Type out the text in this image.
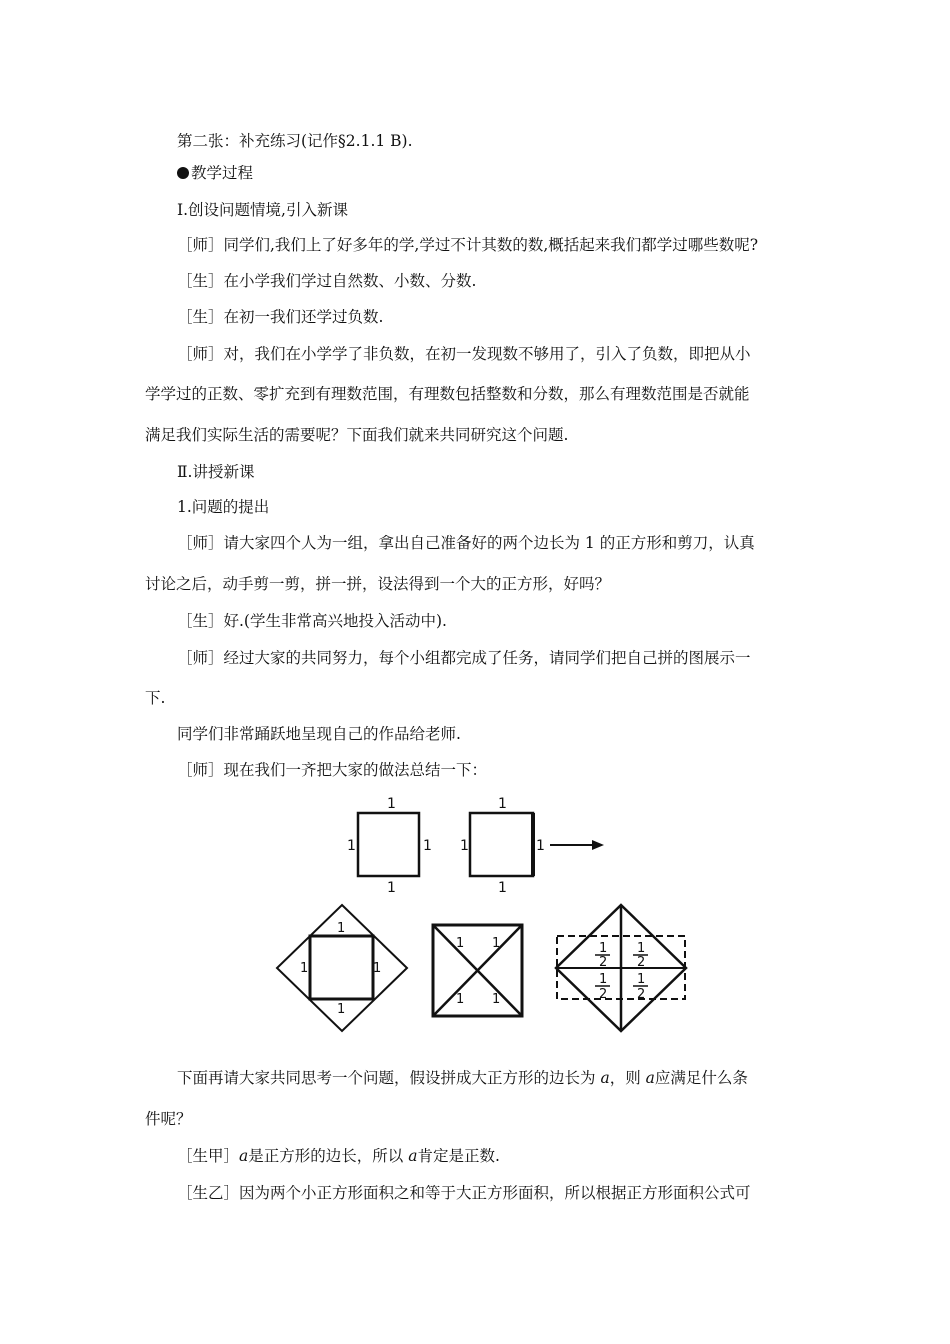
第二张：补充练习(记作§2.1.1 B).
教学过程
Ⅰ.创设问题情境,引入新课
［师］同学们,我们上了好多年的学,学过不计其数的数,概括起来我们都学过哪些数呢?
［生］在小学我们学过自然数、小数、分数.
［生］在初一我们还学过负数.
［师］对，我们在小学学了非负数，在初一发现数不够用了，引入了负数，即把从小
学学过的正数、零扩充到有理数范围，有理数包括整数和分数，那么有理数范围是否就能
满足我们实际生活的需要呢？下面我们就来共同研究这个问题.
Ⅱ.讲授新课
1.问题的提出
［师］请大家四个人为一组，拿出自己准备好的两个边长为 1 的正方形和剪刀，认真
讨论之后，动手剪一剪，拼一拼，设法得到一个大的正方形，好吗？
［生］好.(学生非常高兴地投入活动中).
［师］经过大家的共同努力，每个小组都完成了任务，请同学们把自己拼的图展示一
下.
同学们非常踊跃地呈现自己的作品给老师.
［师］现在我们一齐把大家的做法总结一下：
1
1
1	1
1
1
1	1
1
1
1	1
1 1
1 1
1
2
1
2
1
2
1
2
下面再请大家共同思考一个问题，假设拼成大正方形的边长为 a，则 a应满足什么条
件呢？
［生甲］a是正方形的边长，所以 a肯定是正数.
［生乙］因为两个小正方形面积之和等于大正方形面积，所以根据正方形面积公式可
